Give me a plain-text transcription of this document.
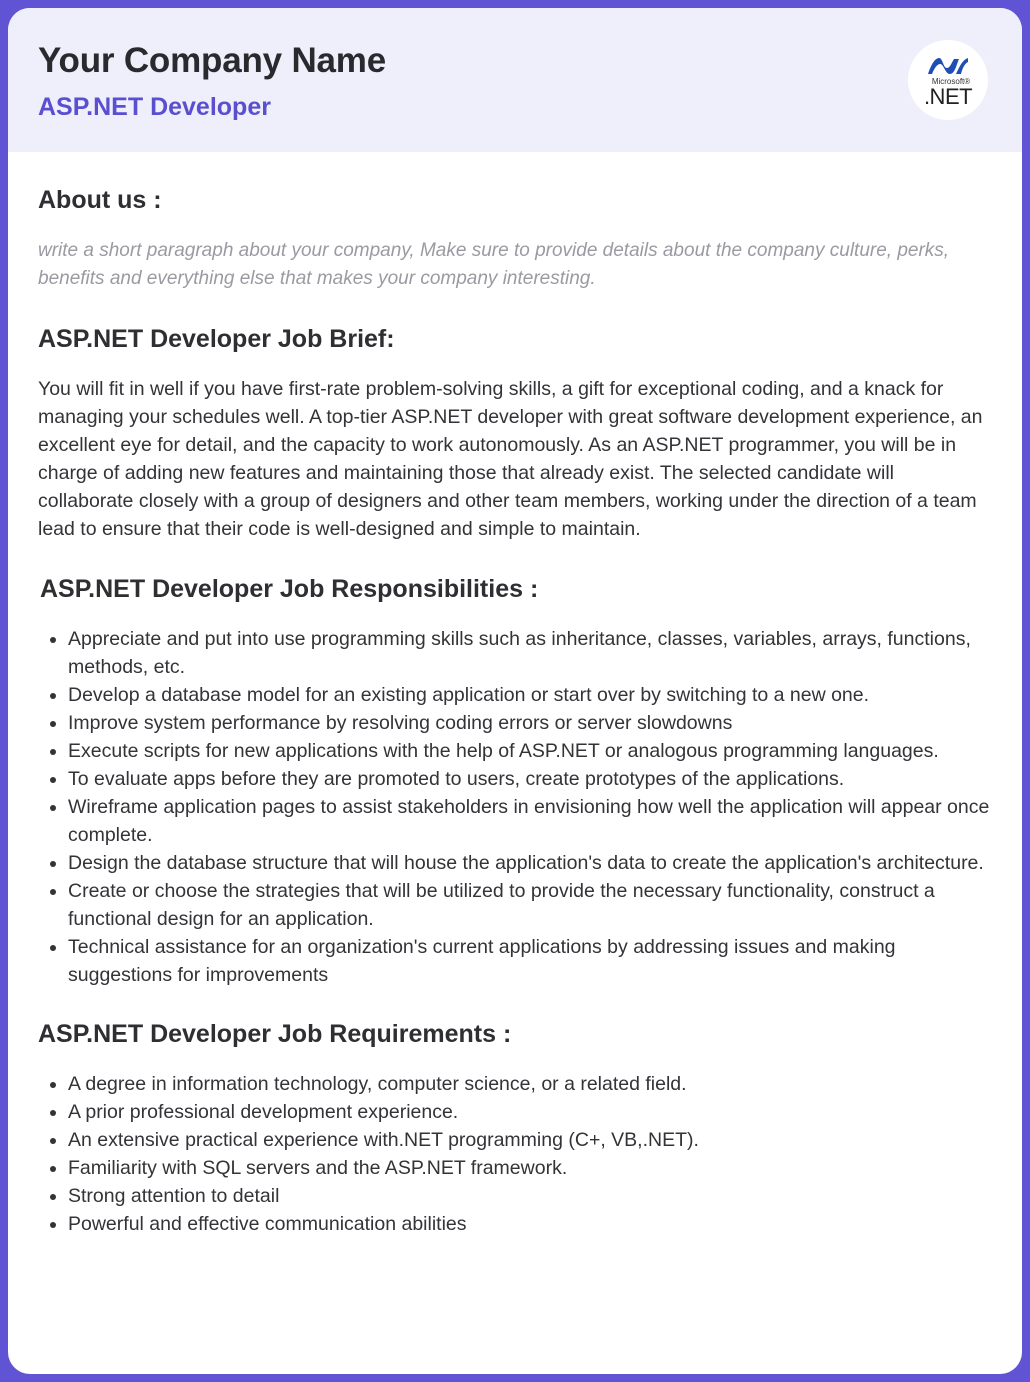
Your Company Name
ASP.NET Developer
Microsoft®
.NET
About us :

write a short paragraph about your company, Make sure to provide details about the company culture, perks, benefits and everything else that makes your company interesting.

ASP.NET Developer Job Brief:

You will fit in well if you have first-rate problem-solving skills, a gift for exceptional coding, and a knack for managing your schedules well. A top-tier ASP.NET developer with great software development experience, an excellent eye for detail, and the capacity to work autonomously. As an ASP.NET programmer, you will be in charge of adding new features and maintaining those that already exist. The selected candidate will collaborate closely with a group of designers and other team members, working under the direction of a team lead to ensure that their code is well-designed and simple to maintain.

ASP.NET Developer Job Responsibilities :
• Appreciate and put into use programming skills such as inheritance, classes, variables, arrays, functions, methods, etc.
• Develop a database model for an existing application or start over by switching to a new one.
• Improve system performance by resolving coding errors or server slowdowns
• Execute scripts for new applications with the help of ASP.NET or analogous programming languages.
• To evaluate apps before they are promoted to users, create prototypes of the applications.
• Wireframe application pages to assist stakeholders in envisioning how well the application will appear once complete.
• Design the database structure that will house the application's data to create the application's architecture.
• Create or choose the strategies that will be utilized to provide the necessary functionality, construct a functional design for an application.
• Technical assistance for an organization's current applications by addressing issues and making suggestions for improvements
ASP.NET Developer Job Requirements :
• A degree in information technology, computer science, or a related field.
• A prior professional development experience.
• An extensive practical experience with.NET programming (C+, VB,.NET).
• Familiarity with SQL servers and the ASP.NET framework.
• Strong attention to detail
• Powerful and effective communication abilities
